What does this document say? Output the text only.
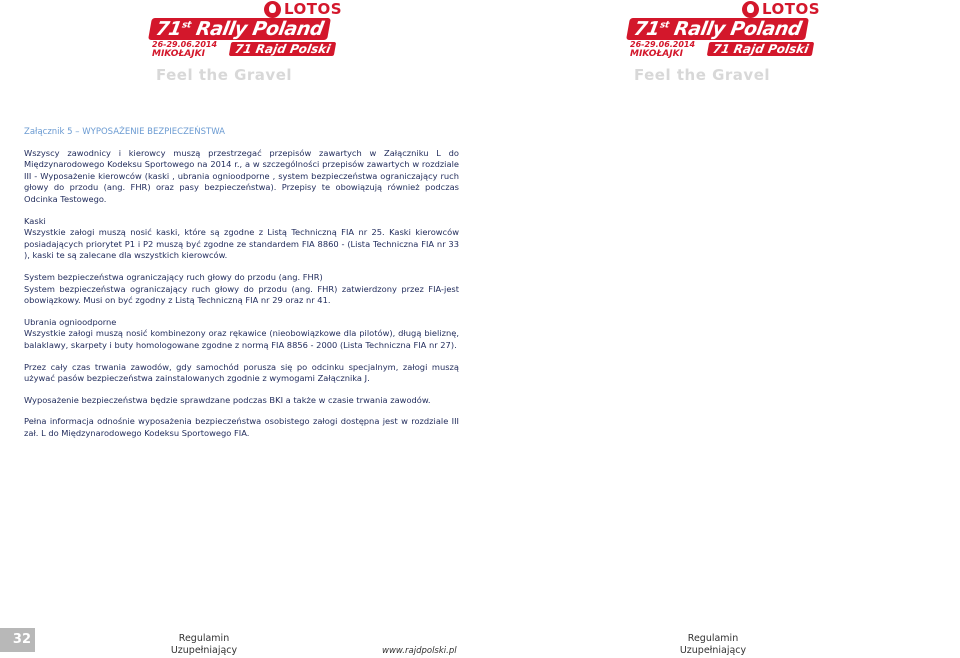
LOTOS
71st Rally Poland
26-29.06.2014
MIKOŁAJKI	71 Rajd Polski
Feel the Gravel
LOTOS
71st Rally Poland
26-29.06.2014
MIKOŁAJKI	71 Rajd Polski
Feel the Gravel

Załącznik 5 – WYPOSAŻENIE BEZPIECZEŃSTWA

Wszyscy zawodnicy i kierowcy muszą przestrzegać przepisów zawartych w Załączniku L do Międzynarodowego Kodeksu Sportowego na 2014 r., a w szczególności przepisów zawartych w rozdziale III - Wyposażenie kierowców (kaski , ubrania ognioodporne , system bezpieczeństwa ograniczający ruch głowy do przodu (ang. FHR) oraz pasy bezpieczeństwa). Przepisy te obowiązują również podczas Odcinka Testowego.

Kaski
Wszystkie załogi muszą nosić kaski, które są zgodne z Listą Techniczną FIA nr 25. Kaski kierowców posiadających priorytet P1 i P2 muszą być zgodne ze standardem FIA 8860 - (Lista Techniczna FIA nr 33 ), kaski te są zalecane dla wszystkich kierowców.

System bezpieczeństwa ograniczający ruch głowy do przodu (ang. FHR)
System bezpieczeństwa ograniczający ruch głowy do przodu (ang. FHR) zatwierdzony przez FIA-jest obowiązkowy. Musi on być zgodny z Listą Techniczną FIA nr 29 oraz nr 41.

Ubrania ognioodporne
Wszystkie załogi muszą nosić kombinezony oraz rękawice (nieobowiązkowe dla pilotów), długą bieliznę, balaklawy, skarpety i buty homologowane zgodne z normą FIA 8856 - 2000 (Lista Techniczna FIA nr 27).

Przez cały czas trwania zawodów, gdy samochód porusza się po odcinku specjalnym, załogi muszą używać pasów bezpieczeństwa zainstalowanych zgodnie z wymogami Załącznika J.

Wyposażenie bezpieczeństwa będzie sprawdzane podczas BKI a także w czasie trwania zawodów.

Pełna informacja odnośnie wyposażenia bezpieczeństwa osobistego załogi dostępna jest w rozdziale III zał. L do Międzynarodowego Kodeksu Sportowego FIA.

32	Regulamin
Uzupełniający	www.rajdpolski.pl
Regulamin
Uzupełniający
